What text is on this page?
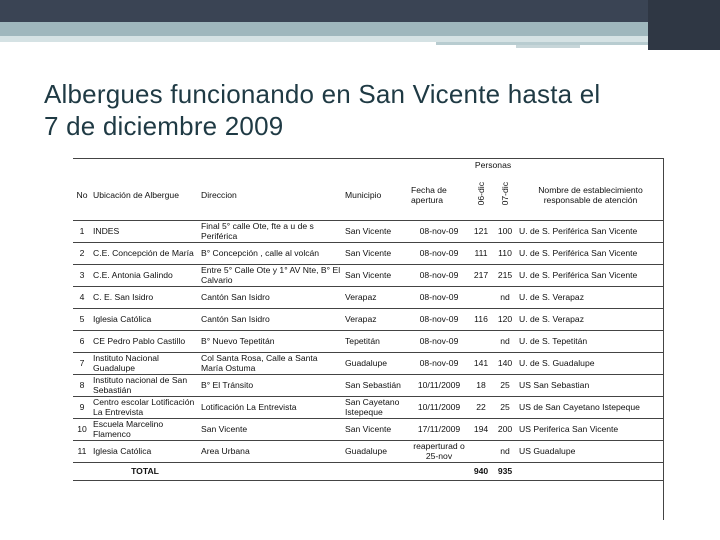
Albergues funcionando en San Vicente hasta el
7 de diciembre 2009
					Personas		
No	Ubicación de Albergue	Direccion	Municipio	Fecha de apertura	06-dic	07-dic	Nombre de establecimiento responsable de atención
1	INDES	Final 5° calle Ote, fte a u de s Periférica	San Vicente	08-nov-09	121	100	U. de S. Periférica San Vicente
2	C.E. Concepción de María	B° Concepción , calle al volcán	San Vicente	08-nov-09	111	110	U. de S. Periférica San Vicente
3	C.E. Antonia Galindo	Entre 5° Calle Ote y 1° AV Nte, B° El Calvario	San Vicente	08-nov-09	217	215	U. de S. Periférica San Vicente
4	C. E. San Isidro	Cantón San Isidro	Verapaz	08-nov-09		nd	U. de S. Verapaz
5	Iglesia Católica	Cantón San Isidro	Verapaz	08-nov-09	116	120	U. de S. Verapaz
6	CE Pedro Pablo Castillo	B° Nuevo Tepetitán	Tepetitán	08-nov-09		nd	U. de S. Tepetitán
7	Instituto Nacional Guadalupe	Col Santa Rosa, Calle a Santa María Ostuma	Guadalupe	08-nov-09	141	140	U. de S. Guadalupe
8	Instituto nacional de San Sebastián	B° El Tránsito	San Sebastián	10/11/2009	18	25	US San Sebastian
9	Centro escolar Lotificación La Entrevista	Lotificación La Entrevista	San Cayetano Istepeque	10/11/2009	22	25	US de San Cayetano Istepeque
10	Escuela Marcelino Flamenco	San Vicente	San Vicente	17/11/2009	194	200	US Periferica San Vicente
11	Iglesia Católica	Area Urbana	Guadalupe	reaperturad o 25-nov		nd	US Guadalupe
	TOTAL				940	935	
